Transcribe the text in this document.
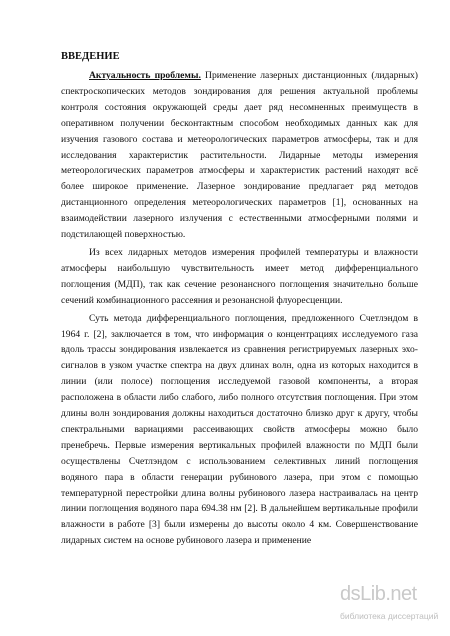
ВВЕДЕНИЕ

Актуальность проблемы. Применение лазерных дистанционных (лидарных) спектроскопических методов зондирования для решения актуальной проблемы контроля состояния окружающей среды дает ряд несомненных преимуществ в оперативном получении бесконтактным способом необходимых данных как для изучения газового состава и метеорологических параметров атмосферы, так и для исследования характеристик растительности. Лидарные методы измерения метеорологических параметров атмосферы и характеристик растений находят всё более широкое применение. Лазерное зондирование предлагает ряд методов дистанционного определения метеорологических параметров [1], основанных на взаимодействии лазерного излучения с естественными атмосферными полями и подстилающей поверхностью.

Из всех лидарных методов измерения профилей температуры и влажности атмосферы наибольшую чувствительность имеет метод дифференциального поглощения (МДП), так как сечение резонансного поглощения значительно больше сечений комбинационного рассеяния и резонансной флуоресценции.

Суть метода дифференциального поглощения, предложенного Счетлэндом в 1964 г. [2], заключается в том, что информация о концентрациях исследуемого газа вдоль трассы зондирования извлекается из сравнения регистрируемых лазерных эхо-сигналов в узком участке спектра на двух длинах волн, одна из которых находится в линии (или полосе) поглощения исследуемой газовой компоненты, а вторая расположена в области либо слабого, либо полного отсутствия поглощения. При этом длины волн зондирования должны находиться достаточно близко друг к другу, чтобы спектральными вариациями рассеивающих свойств атмосферы можно было пренебречь. Первые измерения вертикальных профилей влажности по МДП были осуществлены Счетлэндом с использованием селективных линий поглощения водяного пара в области генерации рубинового лазера, при этом с помощью температурной перестройки длина волны рубинового лазера настраивалась на центр линии поглощения водяного пара 694.38 нм [2]. В дальнейшем вертикальные профили влажности в работе [3] были измерены до высоты около 4 км. Совершенствование лидарных систем на основе рубинового лазера и применение

dsLib.net
библиотека диссертаций
